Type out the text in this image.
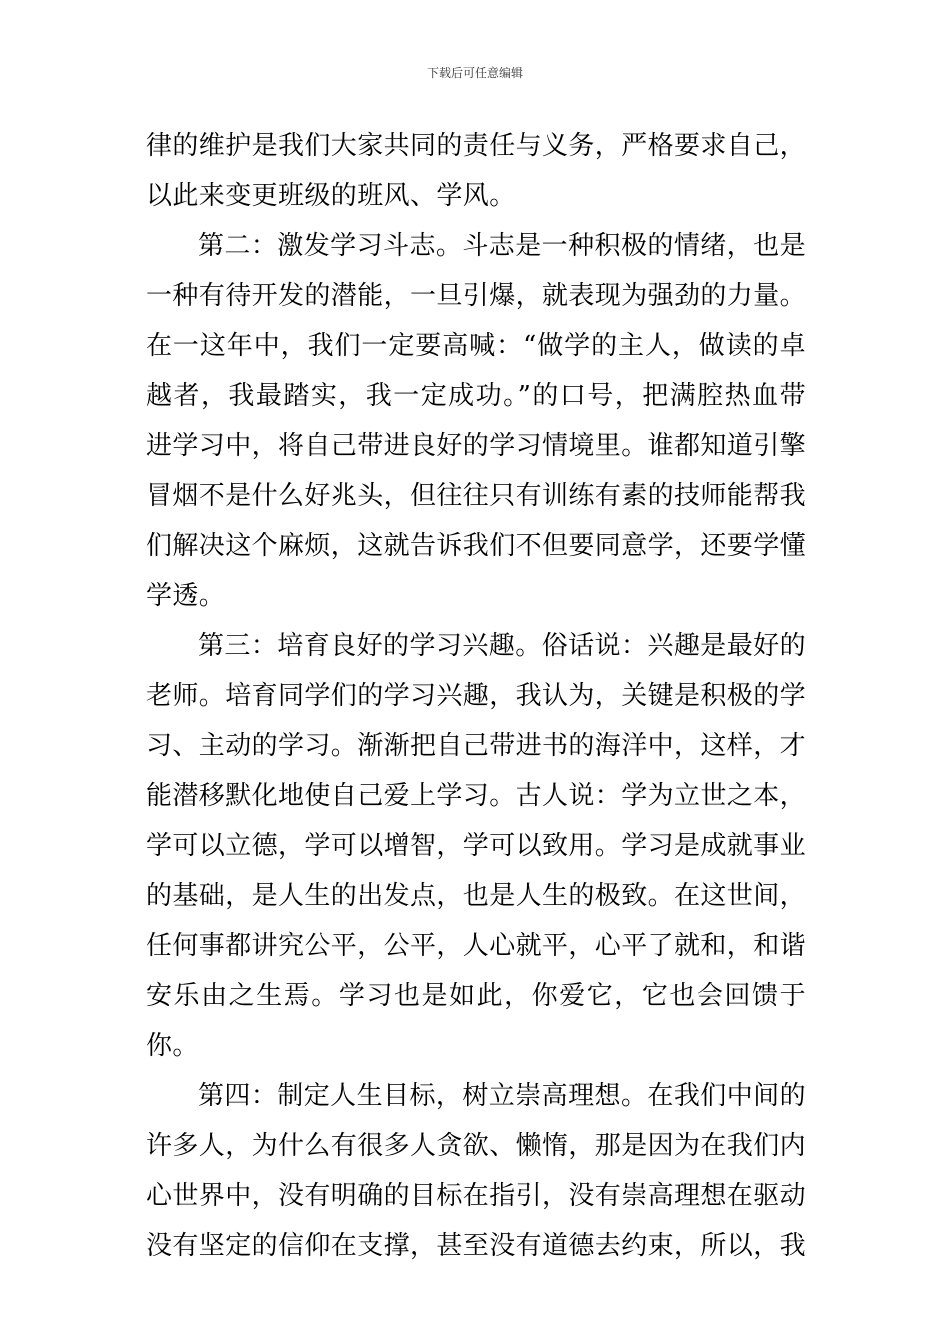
下载后可任意编辑

律的维护是我们大家共同的责任与义务，严格要求自己，以此来变更班级的班风、学风。

第二：激发学习斗志。斗志是一种积极的情绪，也是一种有待开发的潜能，一旦引爆，就表现为强劲的力量。在一这年中，我们一定要高喊：“做学的主人，做读的卓越者，我最踏实，我一定成功。”的口号，把满腔热血带进学习中，将自己带进良好的学习情境里。谁都知道引擎冒烟不是什么好兆头，但往往只有训练有素的技师能帮我们解决这个麻烦，这就告诉我们不但要同意学，还要学懂学透。

第三：培育良好的学习兴趣。俗话说：兴趣是最好的老师。培育同学们的学习兴趣，我认为，关键是积极的学习、主动的学习。渐渐把自己带进书的海洋中，这样，才能潜移默化地使自己爱上学习。古人说：学为立世之本，学可以立德，学可以增智，学可以致用。学习是成就事业的基础，是人生的出发点，也是人生的极致。在这世间，任何事都讲究公平，公平，人心就平，心平了就和，和谐安乐由之生焉。学习也是如此，你爱它，它也会回馈于你。

第四：制定人生目标，树立崇高理想。在我们中间的许多人，为什么有很多人贪欲、懒惰，那是因为在我们内心世界中，没有明确的目标在指引，没有崇高理想在驱动没有坚定的信仰在支撑，甚至没有道德去约束，所以，我
